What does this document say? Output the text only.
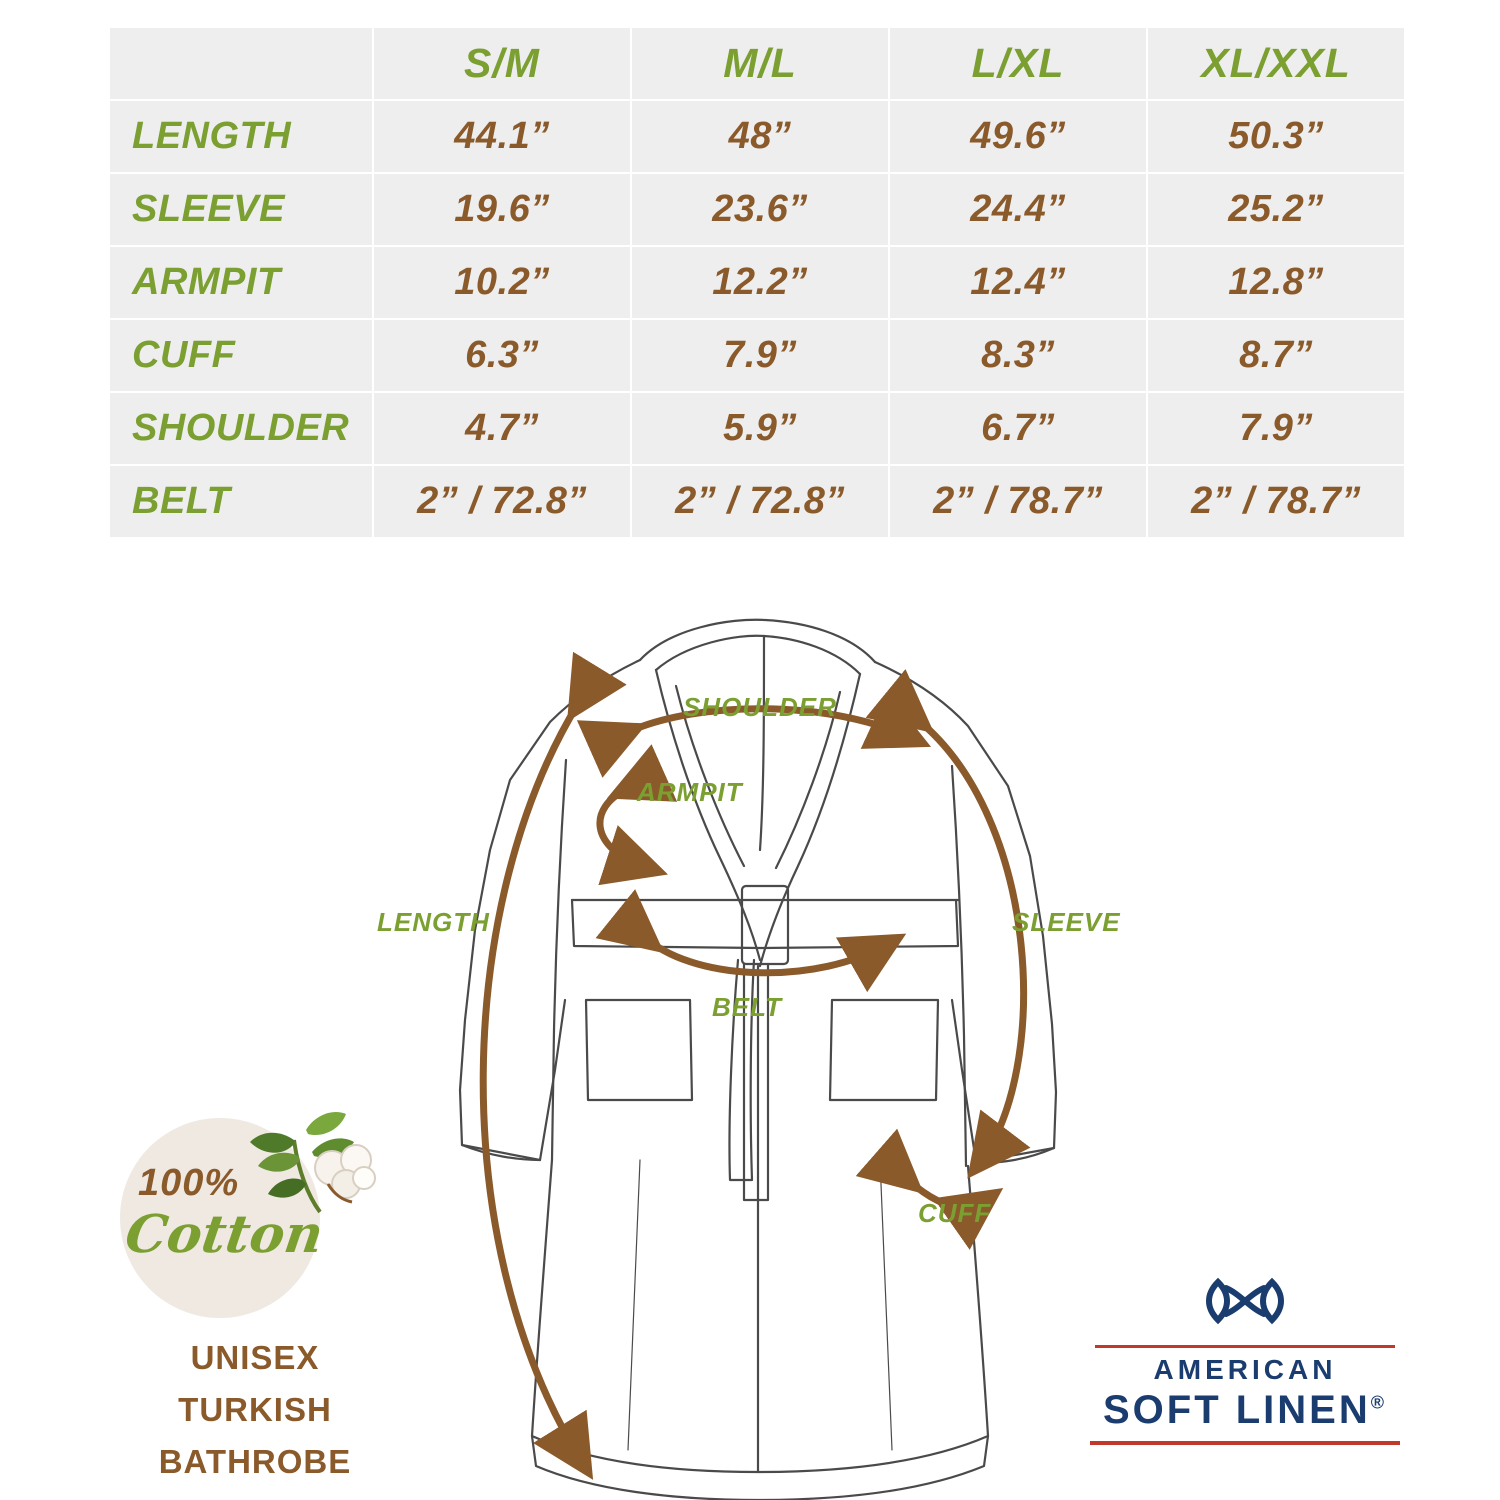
	S/M	M/L	L/XL	XL/XXL
LENGTH	44.1”	48”	49.6”	50.3”
SLEEVE	19.6”	23.6”	24.4”	25.2”
ARMPIT	10.2”	12.2”	12.4”	12.8”
CUFF	6.3”	7.9”	8.3”	8.7”
SHOULDER	4.7”	5.9”	6.7”	7.9”
BELT	2” / 72.8”	2” / 72.8”	2” / 78.7”	2” / 78.7”
SHOULDER
ARMPIT
LENGTH	SLEEVE
BELT
CUFF
100%
Cotton
UNISEX
TURKISH
BATHROBE
AMERICAN
SOFT LINEN®
